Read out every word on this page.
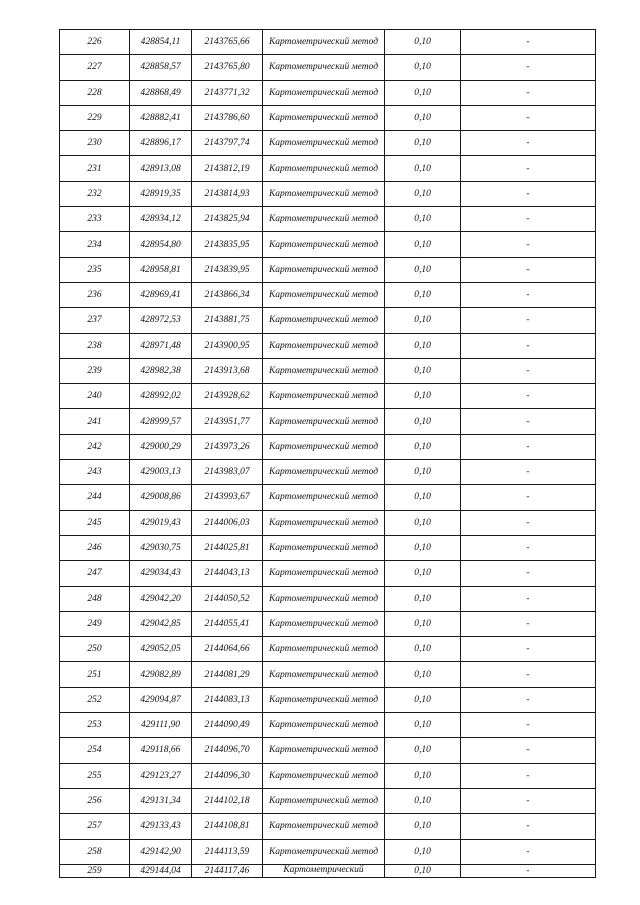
226	428854,11	2143765,66	Картометрический метод	0,10	-
227	428858,57	2143765,80	Картометрический метод	0,10	-
228	428868,49	2143771,32	Картометрический метод	0,10	-
229	428882,41	2143786,60	Картометрический метод	0,10	-
230	428896,17	2143797,74	Картометрический метод	0,10	-
231	428913,08	2143812,19	Картометрический метод	0,10	-
232	428919,35	2143814,93	Картометрический метод	0,10	-
233	428934,12	2143825,94	Картометрический метод	0,10	-
234	428954,80	2143835,95	Картометрический метод	0,10	-
235	428958,81	2143839,95	Картометрический метод	0,10	-
236	428969,41	2143866,34	Картометрический метод	0,10	-
237	428972,53	2143881,75	Картометрический метод	0,10	-
238	428971,48	2143900,95	Картометрический метод	0,10	-
239	428982,38	2143913,68	Картометрический метод	0,10	-
240	428992,02	2143928,62	Картометрический метод	0,10	-
241	428999,57	2143951,77	Картометрический метод	0,10	-
242	429000,29	2143973,26	Картометрический метод	0,10	-
243	429003,13	2143983,07	Картометрический метод	0,10	-
244	429008,86	2143993,67	Картометрический метод	0,10	-
245	429019,43	2144006,03	Картометрический метод	0,10	-
246	429030,75	2144025,81	Картометрический метод	0,10	-
247	429034,43	2144043,13	Картометрический метод	0,10	-
248	429042,20	2144050,52	Картометрический метод	0,10	-
249	429042,85	2144055,41	Картометрический метод	0,10	-
250	429052,05	2144064,66	Картометрический метод	0,10	-
251	429082,89	2144081,29	Картометрический метод	0,10	-
252	429094,87	2144083,13	Картометрический метод	0,10	-
253	429111,90	2144090,49	Картометрический метод	0,10	-
254	429118,66	2144096,70	Картометрический метод	0,10	-
255	429123,27	2144096,30	Картометрический метод	0,10	-
256	429131,34	2144102,18	Картометрический метод	0,10	-
257	429133,43	2144108,81	Картометрический метод	0,10	-
258	429142,90	2144113,59	Картометрический метод	0,10	-
259	429144,04	2144117,46	Картометрический	0,10	-
